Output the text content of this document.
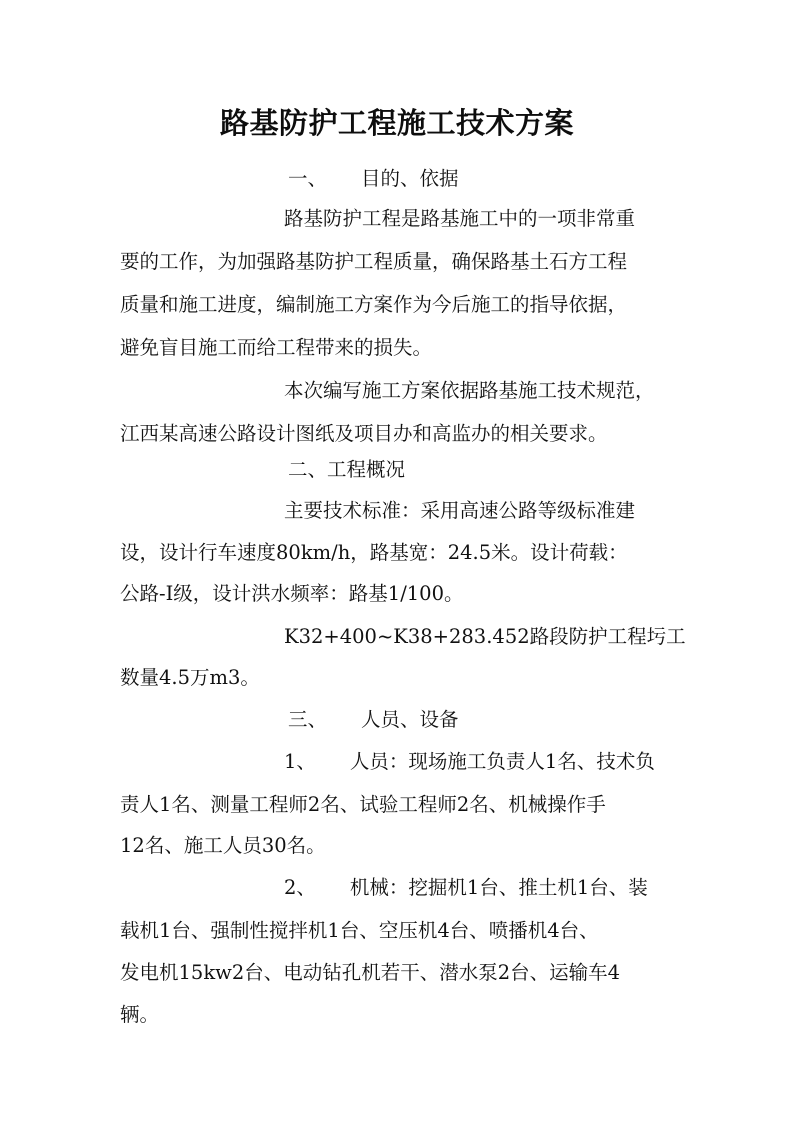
路基防护工程施工技术方案
一、 目的、依据
路基防护工程是路基施工中的一项非常重
要的工作，为加强路基防护工程质量，确保路基土石方工程
质量和施工进度，编制施工方案作为今后施工的指导依据，
避免盲目施工而给工程带来的损失。
本次编写施工方案依据路基施工技术规范，
江西某高速公路设计图纸及项目办和高监办的相关要求。
二、工程概况
主要技术标准：采用高速公路等级标准建
设，设计行车速度80km/h，路基宽：24.5米。设计荷载：
公路-I级，设计洪水频率：路基1/100。
K32+400~K38+283.452路段防护工程圬工
数量4.5万m3。
三、 人员、设备
1、 人员：现场施工负责人1名、技术负
责人1名、测量工程师2名、试验工程师2名、机械操作手
12名、施工人员30名。
2、 机械：挖掘机1台、推土机1台、装
载机1台、强制性搅拌机1台、空压机4台、喷播机4台、
发电机15kw2台、电动钻孔机若干、潜水泵2台、运输车4
辆。
